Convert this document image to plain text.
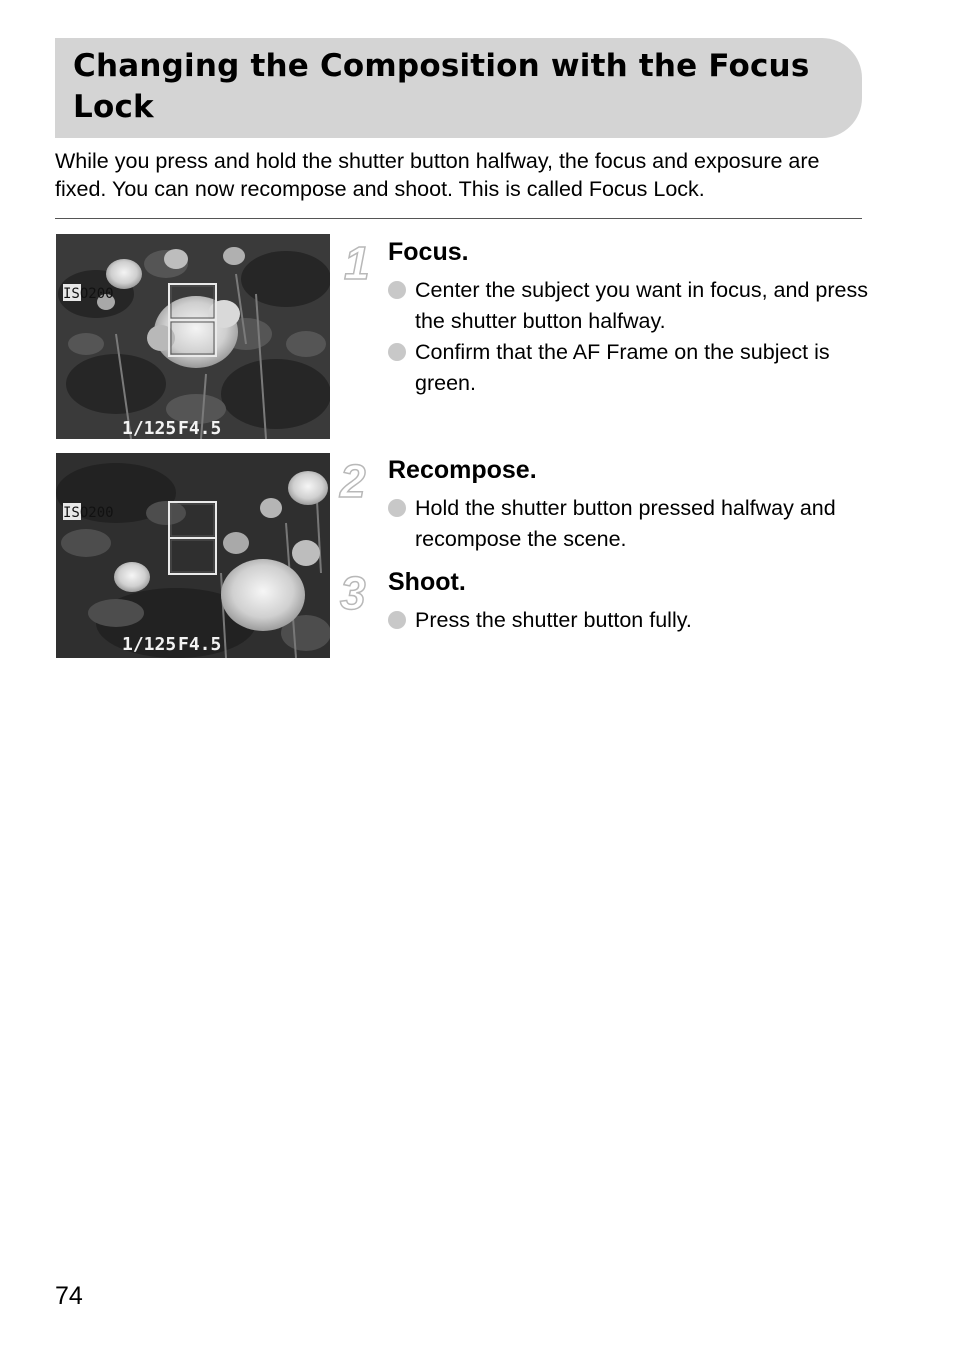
Changing the Composition with the Focus Lock
While you press and hold the shutter button halfway, the focus and exposure are fixed. You can now recompose and shoot. This is called Focus Lock.
ISO200
1/125 F4.5
ISO200
1/125 F4.5
1 Focus.
Center the subject you want in focus, and press the shutter button halfway.
Confirm that the AF Frame on the subject is green.
2 Recompose.
Hold the shutter button pressed halfway and recompose the scene.
3 Shoot.
Press the shutter button fully.
74
